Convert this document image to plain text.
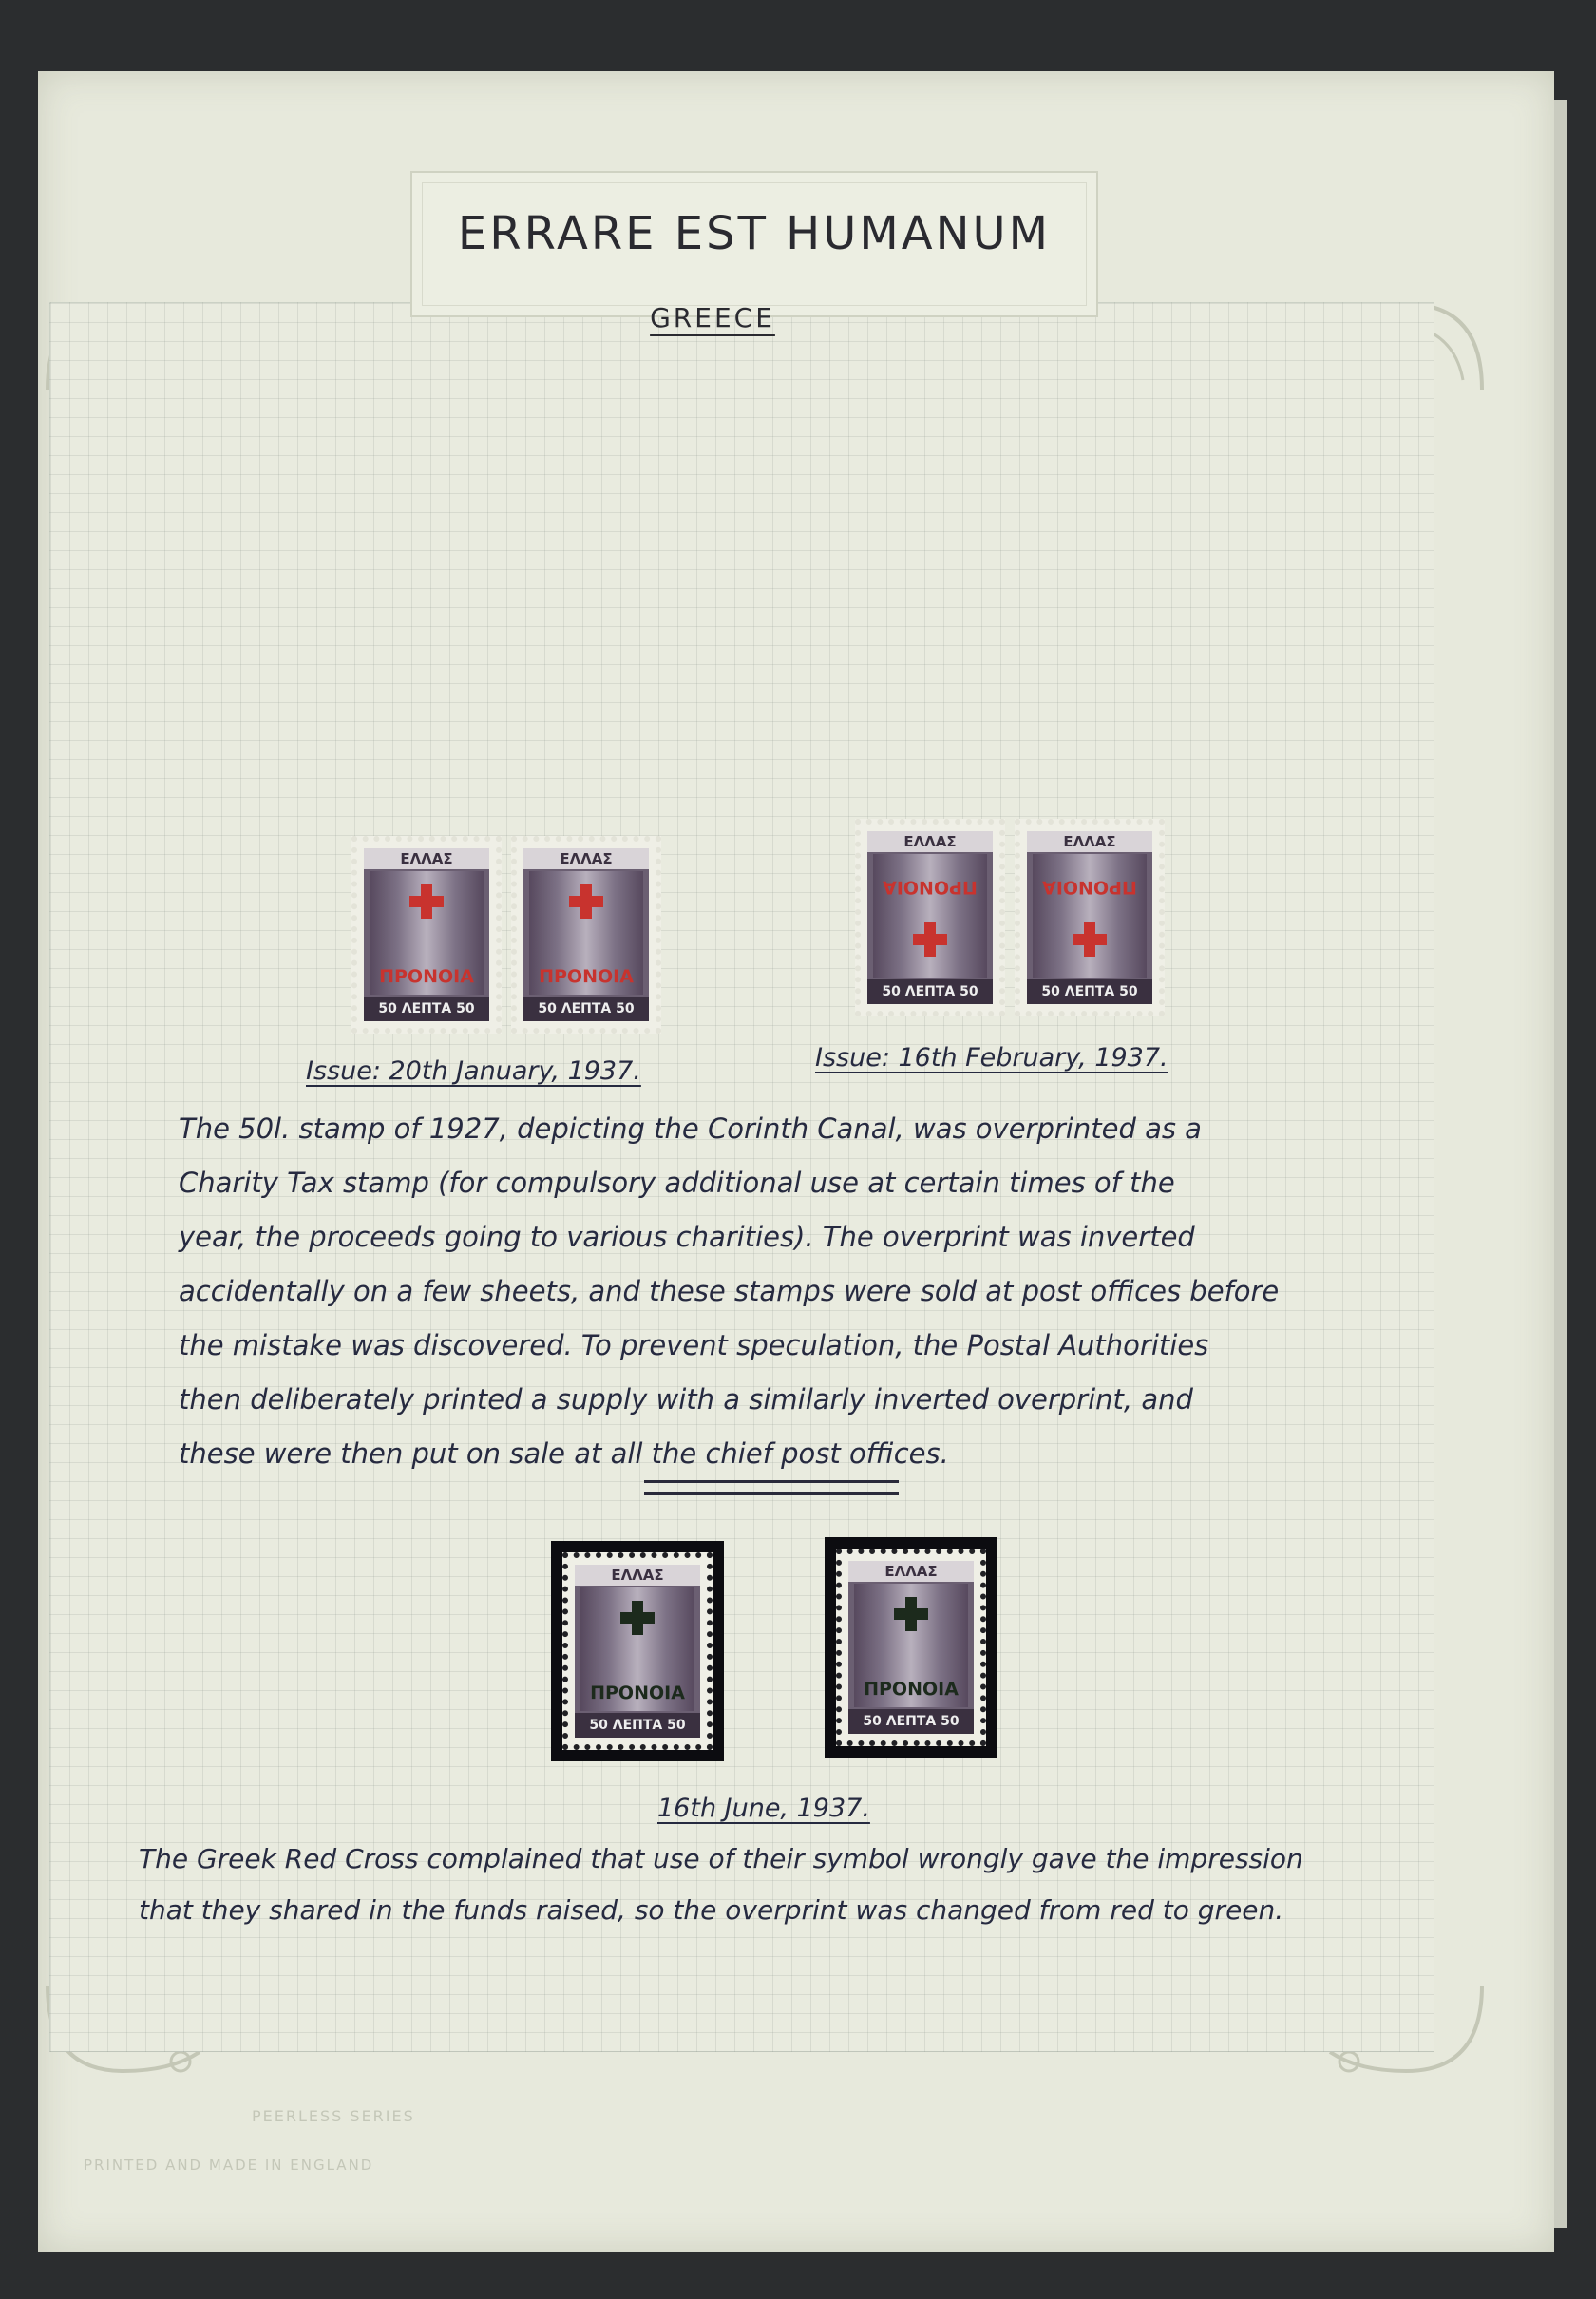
ERRARE EST HUMANUM
GREECE
ΕΛΛΑΣ
ΠΡΟΝΟΙΑ
50 ΛΕΠΤΑ 50
ΕΛΛΑΣ
ΠΡΟΝΟΙΑ
50 ΛΕΠΤΑ 50
ΕΛΛΑΣ
ΠΡΟΝΟΙΑ
50 ΛΕΠΤΑ 50
ΕΛΛΑΣ
ΠΡΟΝΟΙΑ
50 ΛΕΠΤΑ 50
Issue: 20th January, 1937.	Issue: 16th February, 1937.
The 50l. stamp of 1927, depicting the Corinth Canal, was overprinted as a
Charity Tax stamp (for compulsory additional use at certain times of the
year, the proceeds going to various charities). The overprint was inverted
accidentally on a few sheets, and these stamps were sold at post offices before
the mistake was discovered. To prevent speculation, the Postal Authorities
then deliberately printed a supply with a similarly inverted overprint, and
these were then put on sale at all the chief post offices.
ΕΛΛΑΣ
ΠΡΟΝΟΙΑ
50 ΛΕΠΤΑ 50
ΕΛΛΑΣ
ΠΡΟΝΟΙΑ
50 ΛΕΠΤΑ 50
16th June, 1937.
The Greek Red Cross complained that use of their symbol wrongly gave the impression
that they shared in the funds raised, so the overprint was changed from red to green.
PEERLESS SERIES
PRINTED AND MADE IN ENGLAND
